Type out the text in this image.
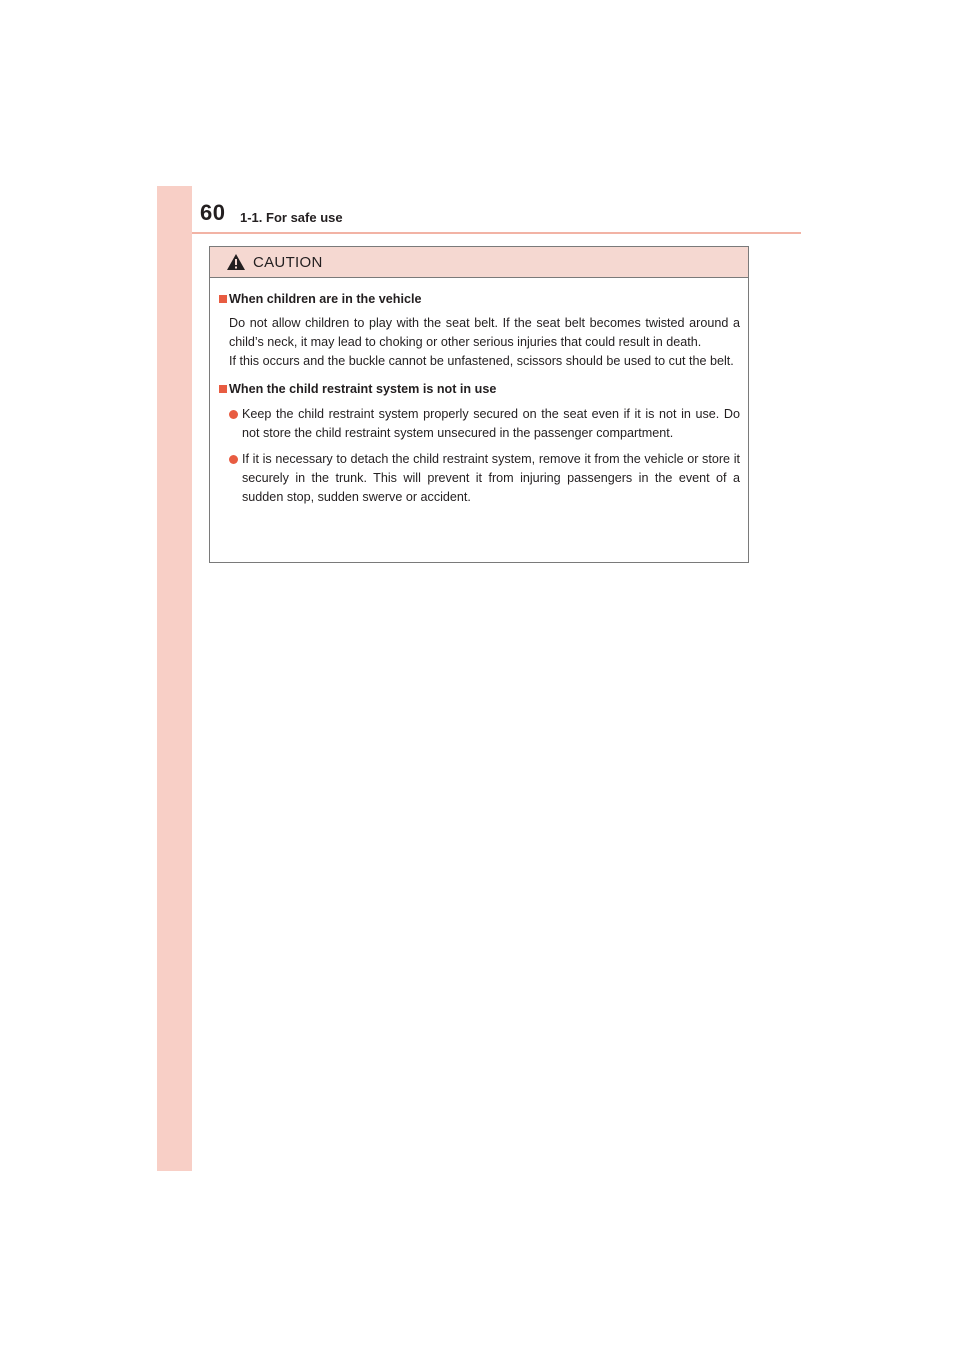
60 1-1. For safe use
CAUTION

When children are in the vehicle

Do not allow children to play with the seat belt. If the seat belt becomes twisted around a child’s neck, it may lead to choking or other serious injuries that could result in death.

If this occurs and the buckle cannot be unfastened, scissors should be used to cut the belt.

When the child restraint system is not in use

Keep the child restraint system properly secured on the seat even if it is not in use. Do not store the child restraint system unsecured in the passenger compartment.
If it is necessary to detach the child restraint system, remove it from the vehicle or store it securely in the trunk. This will prevent it from injuring passengers in the event of a sudden stop, sudden swerve or accident.
